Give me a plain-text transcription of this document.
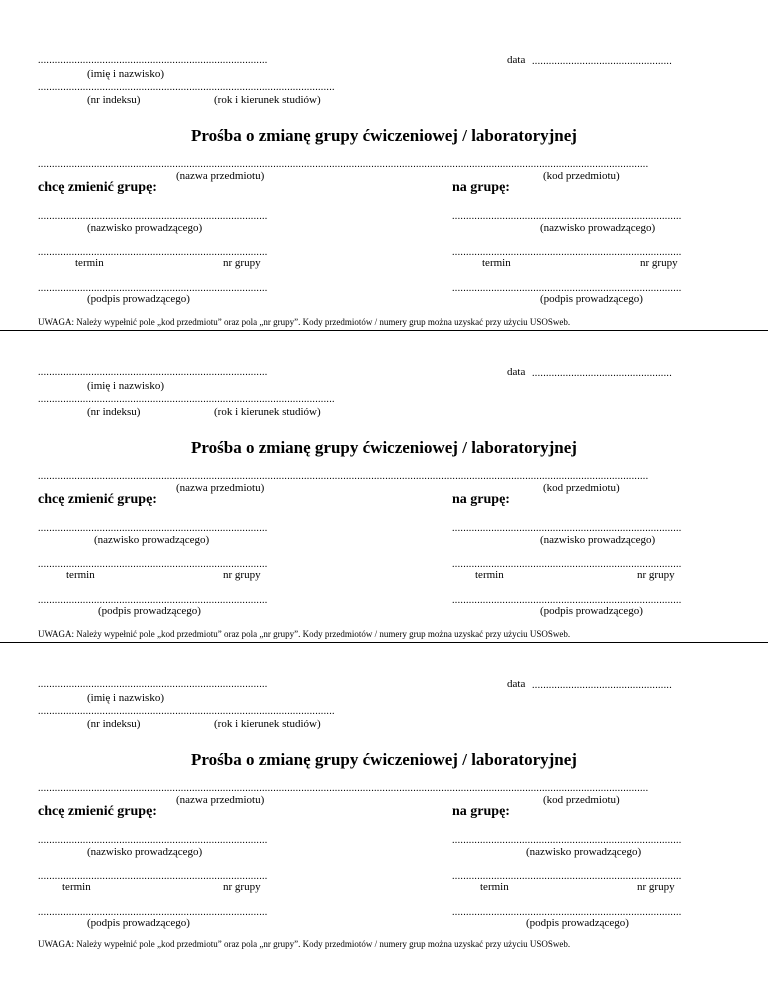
..................................................................................
(imię i nazwisko)
data ..................................................
..........................................................................................................
(nr indeksu)	(rok i kierunek studiów)
Prośba o zmianę grupy ćwiczeniowej / laboratoryjnej
..........................................................................................................................................................................................................................
(nazwa przedmiotu)	(kod przedmiotu)
chcę zmienić grupę:	na grupę:
..................................................................................
(nazwisko prowadzącego)
..................................................................................
(nazwisko prowadzącego)
..................................................................................
termin	nr grupy
..................................................................................
termin	nr grupy
..................................................................................
(podpis prowadzącego)
..................................................................................
(podpis prowadzącego)
UWAGA: Należy wypełnić pole „kod przedmiotu” oraz pola „nr grupy”. Kody przedmiotów / numery grup można uzyskać przy użyciu USOSweb.
..................................................................................
(imię i nazwisko)
data ..................................................
..........................................................................................................
(nr indeksu)	(rok i kierunek studiów)
Prośba o zmianę grupy ćwiczeniowej / laboratoryjnej
..........................................................................................................................................................................................................................
(nazwa przedmiotu)	(kod przedmiotu)
chcę zmienić grupę:	na grupę:
..................................................................................
(nazwisko prowadzącego)
..................................................................................
(nazwisko prowadzącego)
..................................................................................
termin	nr grupy
..................................................................................
termin	nr grupy
..................................................................................
(podpis prowadzącego)
..................................................................................
(podpis prowadzącego)
UWAGA: Należy wypełnić pole „kod przedmiotu” oraz pola „nr grupy”. Kody przedmiotów / numery grup można uzyskać przy użyciu USOSweb.
..................................................................................
(imię i nazwisko)
data ..................................................
..........................................................................................................
(nr indeksu)	(rok i kierunek studiów)
Prośba o zmianę grupy ćwiczeniowej / laboratoryjnej
..........................................................................................................................................................................................................................
(nazwa przedmiotu)	(kod przedmiotu)
chcę zmienić grupę:	na grupę:
..................................................................................
(nazwisko prowadzącego)
..................................................................................
(nazwisko prowadzącego)
..................................................................................
termin	nr grupy
..................................................................................
termin	nr grupy
..................................................................................
(podpis prowadzącego)
..................................................................................
(podpis prowadzącego)
UWAGA: Należy wypełnić pole „kod przedmiotu” oraz pola „nr grupy”. Kody przedmiotów / numery grup można uzyskać przy użyciu USOSweb.
